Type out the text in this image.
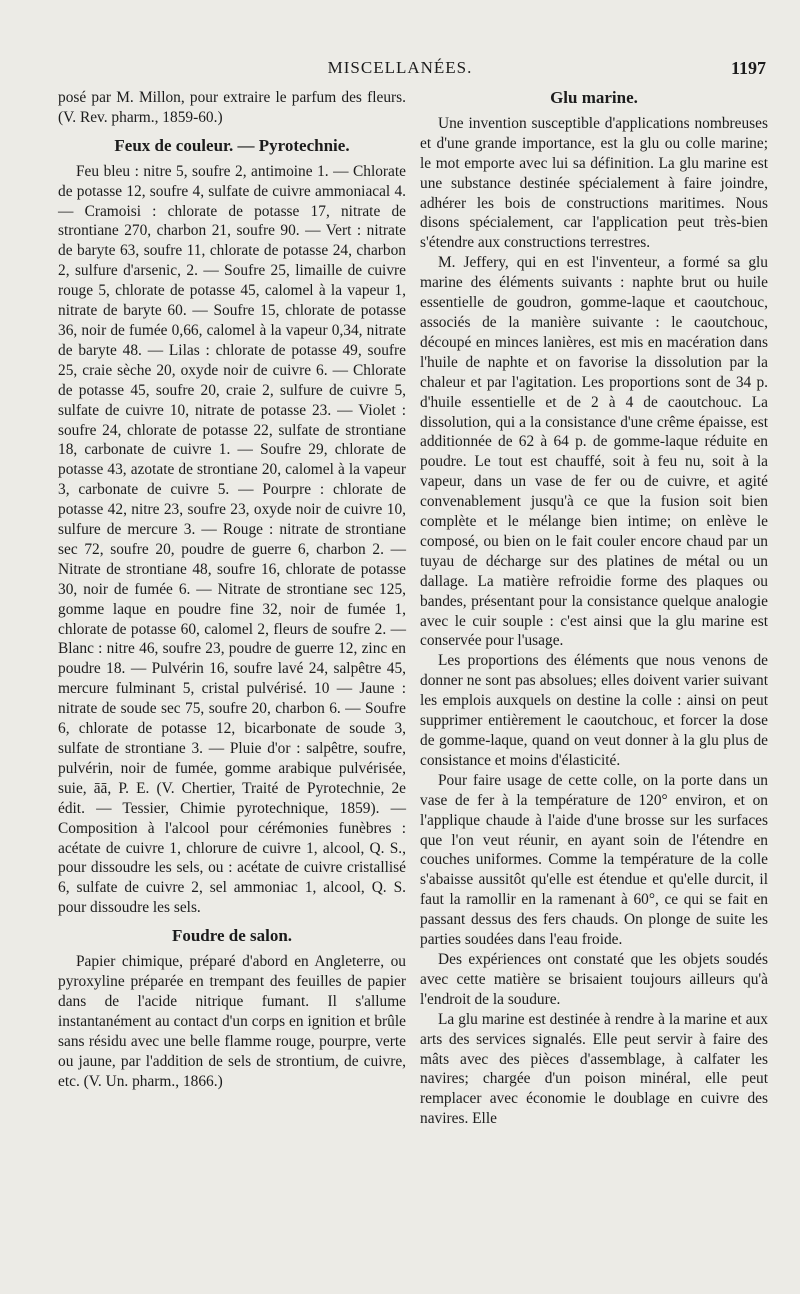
MISCELLANÉES.	1197

posé par M. Millon, pour extraire le parfum des fleurs. (V. Rev. pharm., 1859-60.)

Feux de couleur. — Pyrotechnie.

Feu bleu : nitre 5, soufre 2, antimoine 1. — Chlorate de potasse 12, soufre 4, sulfate de cuivre ammoniacal 4. — Cramoisi : chlorate de potasse 17, nitrate de strontiane 270, charbon 21, soufre 90. — Vert : nitrate de baryte 63, soufre 11, chlorate de potasse 24, charbon 2, sulfure d'arsenic, 2. — Soufre 25, limaille de cuivre rouge 5, chlorate de potasse 45, calomel à la vapeur 1, nitrate de baryte 60. — Soufre 15, chlorate de potasse 36, noir de fumée 0,66, calomel à la vapeur 0,34, nitrate de baryte 48. — Lilas : chlorate de potasse 49, soufre 25, craie sèche 20, oxyde noir de cuivre 6. — Chlorate de potasse 45, soufre 20, craie 2, sulfure de cuivre 5, sulfate de cuivre 10, nitrate de potasse 23. — Violet : soufre 24, chlorate de potasse 22, sulfate de strontiane 18, carbonate de cuivre 1. — Soufre 29, chlorate de potasse 43, azotate de strontiane 20, calomel à la vapeur 3, carbonate de cuivre 5. — Pourpre : chlorate de potasse 42, nitre 23, soufre 23, oxyde noir de cuivre 10, sulfure de mercure 3. — Rouge : nitrate de strontiane sec 72, soufre 20, poudre de guerre 6, charbon 2. — Nitrate de strontiane 48, soufre 16, chlorate de potasse 30, noir de fumée 6. — Nitrate de strontiane sec 125, gomme laque en poudre fine 32, noir de fumée 1, chlorate de potasse 60, calomel 2, fleurs de soufre 2. — Blanc : nitre 46, soufre 23, poudre de guerre 12, zinc en poudre 18. — Pulvérin 16, soufre lavé 24, salpêtre 45, mercure fulminant 5, cristal pulvérisé. 10 — Jaune : nitrate de soude sec 75, soufre 20, charbon 6. — Soufre 6, chlorate de potasse 12, bicarbonate de soude 3, sulfate de strontiane 3. — Pluie d'or : salpêtre, soufre, pulvérin, noir de fumée, gomme arabique pulvérisée, suie, āā, P. E. (V. Chertier, Traité de Pyrotechnie, 2e édit. — Tessier, Chimie pyrotechnique, 1859). — Composition à l'alcool pour cérémonies funèbres : acétate de cuivre 1, chlorure de cuivre 1, alcool, Q. S., pour dissoudre les sels, ou : acétate de cuivre cristallisé 6, sulfate de cuivre 2, sel ammoniac 1, alcool, Q. S. pour dissoudre les sels.

Foudre de salon.

Papier chimique, préparé d'abord en Angleterre, ou pyroxyline préparée en trempant des feuilles de papier dans de l'acide nitrique fumant. Il s'allume instantanément au contact d'un corps en ignition et brûle sans résidu avec une belle flamme rouge, pourpre, verte ou jaune, par l'addition de sels de strontium, de cuivre, etc. (V. Un. pharm., 1866.)

Glu marine.

Une invention susceptible d'applications nombreuses et d'une grande importance, est la glu ou colle marine; le mot emporte avec lui sa définition. La glu marine est une substance destinée spécialement à faire joindre, adhérer les bois de constructions maritimes. Nous disons spécialement, car l'application peut très-bien s'étendre aux constructions terrestres.

M. Jeffery, qui en est l'inventeur, a formé sa glu marine des éléments suivants : naphte brut ou huile essentielle de goudron, gomme-laque et caoutchouc, associés de la manière suivante : le caoutchouc, découpé en minces lanières, est mis en macération dans l'huile de naphte et on favorise la dissolution par la chaleur et par l'agitation. Les proportions sont de 34 p. d'huile essentielle et de 2 à 4 de caoutchouc. La dissolution, qui a la consistance d'une crême épaisse, est additionnée de 62 à 64 p. de gomme-laque réduite en poudre. Le tout est chauffé, soit à feu nu, soit à la vapeur, dans un vase de fer ou de cuivre, et agité convenablement jusqu'à ce que la fusion soit bien complète et le mélange bien intime; on enlève le composé, ou bien on le fait couler encore chaud par un tuyau de décharge sur des platines de métal ou un dallage. La matière refroidie forme des plaques ou bandes, présentant pour la consistance quelque analogie avec le cuir souple : c'est ainsi que la glu marine est conservée pour l'usage.

Les proportions des éléments que nous venons de donner ne sont pas absolues; elles doivent varier suivant les emplois auxquels on destine la colle : ainsi on peut supprimer entièrement le caoutchouc, et forcer la dose de gomme-laque, quand on veut donner à la glu plus de consistance et moins d'élasticité.

Pour faire usage de cette colle, on la porte dans un vase de fer à la température de 120° environ, et on l'applique chaude à l'aide d'une brosse sur les surfaces que l'on veut réunir, en ayant soin de l'étendre en couches uniformes. Comme la température de la colle s'abaisse aussitôt qu'elle est étendue et qu'elle durcit, il faut la ramollir en la ramenant à 60°, ce qui se fait en passant dessus des fers chauds. On plonge de suite les parties soudées dans l'eau froide.

Des expériences ont constaté que les objets soudés avec cette matière se brisaient toujours ailleurs qu'à l'endroit de la soudure.

La glu marine est destinée à rendre à la marine et aux arts des services signalés. Elle peut servir à faire des mâts avec des pièces d'assemblage, à calfater les navires; chargée d'un poison minéral, elle peut remplacer avec économie le doublage en cuivre des navires. Elle
